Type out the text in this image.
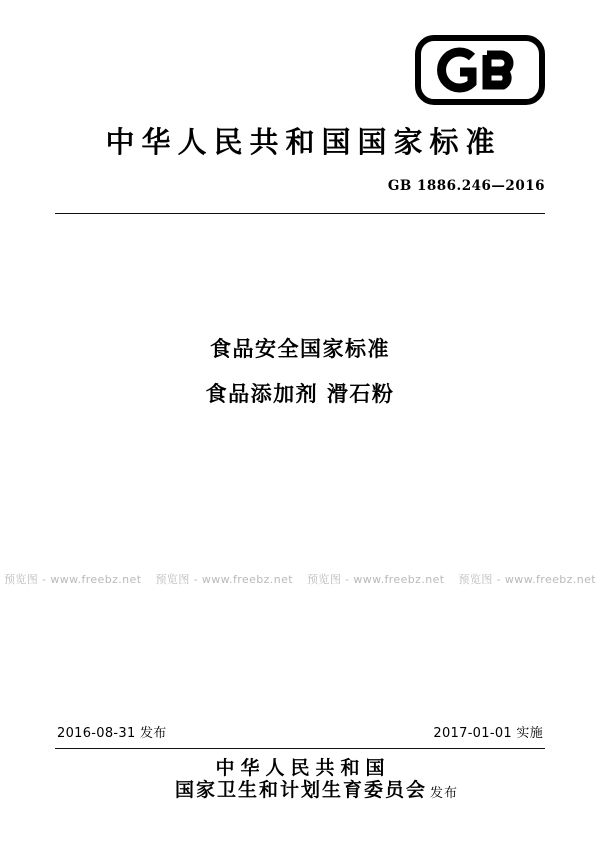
中华人民共和国国家标准
GB 1886.246—2016
食品安全国家标准
食品添加剂 滑石粉
预览图 - www.freebz.net 预览图 - www.freebz.net 预览图 - www.freebz.net 预览图 - www.freebz.net
2016-08-31 发布	2017-01-01 实施
中华人民共和国
国家卫生和计划生育委员会 发布
